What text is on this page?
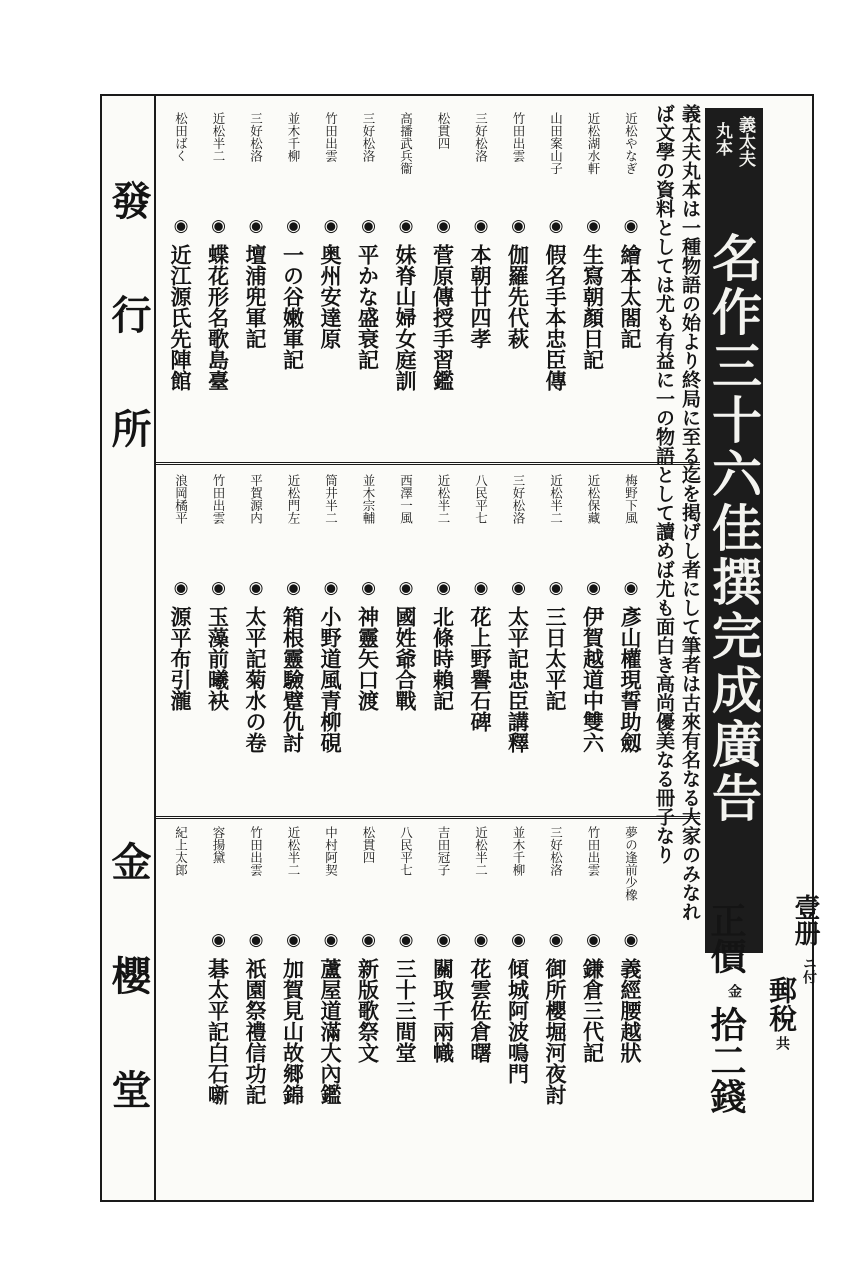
發行所
金櫻堂
義太夫
丸本
名作三十六佳撰完成廣告
義太夫丸本は一種物語の始より終局に至る迄を掲げし者にして筆者は古來有名なる大家のみなれ
ば文學の資料としては尤も有益に一の物語として讀めば尤も面白き高尚優美なる冊子なり
壹册
ニ付
郵稅
共
正價
金
拾二錢
近松やなぎ
◉
繪本太閤記
近松湖水軒
◉
生寫朝顏日記
山田案山子
◉
假名手本忠臣傳
竹田出雲
◉
伽羅先代萩
三好松洛
◉
本朝廿四孝
松貫四
◉
菅原傳授手習鑑
高播武兵衞
◉
妹脊山婦女庭訓
三好松洛
◉
平かな盛衰記
竹田出雲
◉
奥州安達原
並木千柳
◉
一の谷嫩軍記
三好松洛
◉
壇浦兜軍記
近松半二
◉
蝶花形名歌島臺
松田ばく
◉
近江源氏先陣館
梅野下風
◉
彥山權現誓助劔
近松保藏
◉
伊賀越道中雙六
近松半二
◉
三日太平記
三好松洛
◉
太平記忠臣講釋
八民平七
◉
花上野譽石碑
近松半二
◉
北條時賴記
西澤一風
◉
國姓爺合戰
並木宗輔
◉
神靈矢口渡
筒井半二
◉
小野道風青柳硯
近松門左
◉
箱根靈驗躄仇討
平賀源内
◉
太平記菊水の卷
竹田出雲
◉
玉藻前曦袂
浪岡橘平
◉
源平布引瀧
夢の逢前少橡
◉
義經腰越狀
竹田出雲
◉
鎌倉三代記
三好松洛
◉
御所櫻堀河夜討
並木千柳
◉
傾城阿波鳴門
近松半二
◉
花雲佐倉曙
吉田冠子
◉
關取千兩幟
八民平七
◉
三十三間堂
松貫四
◉
新版歌祭文
中村阿契
◉
蘆屋道滿大內鑑
近松半二
◉
加賀見山故郷錦
竹田出雲
◉
祇園祭禮信功記
容揚黛
◉
碁太平記白石噺
紀上太郎
